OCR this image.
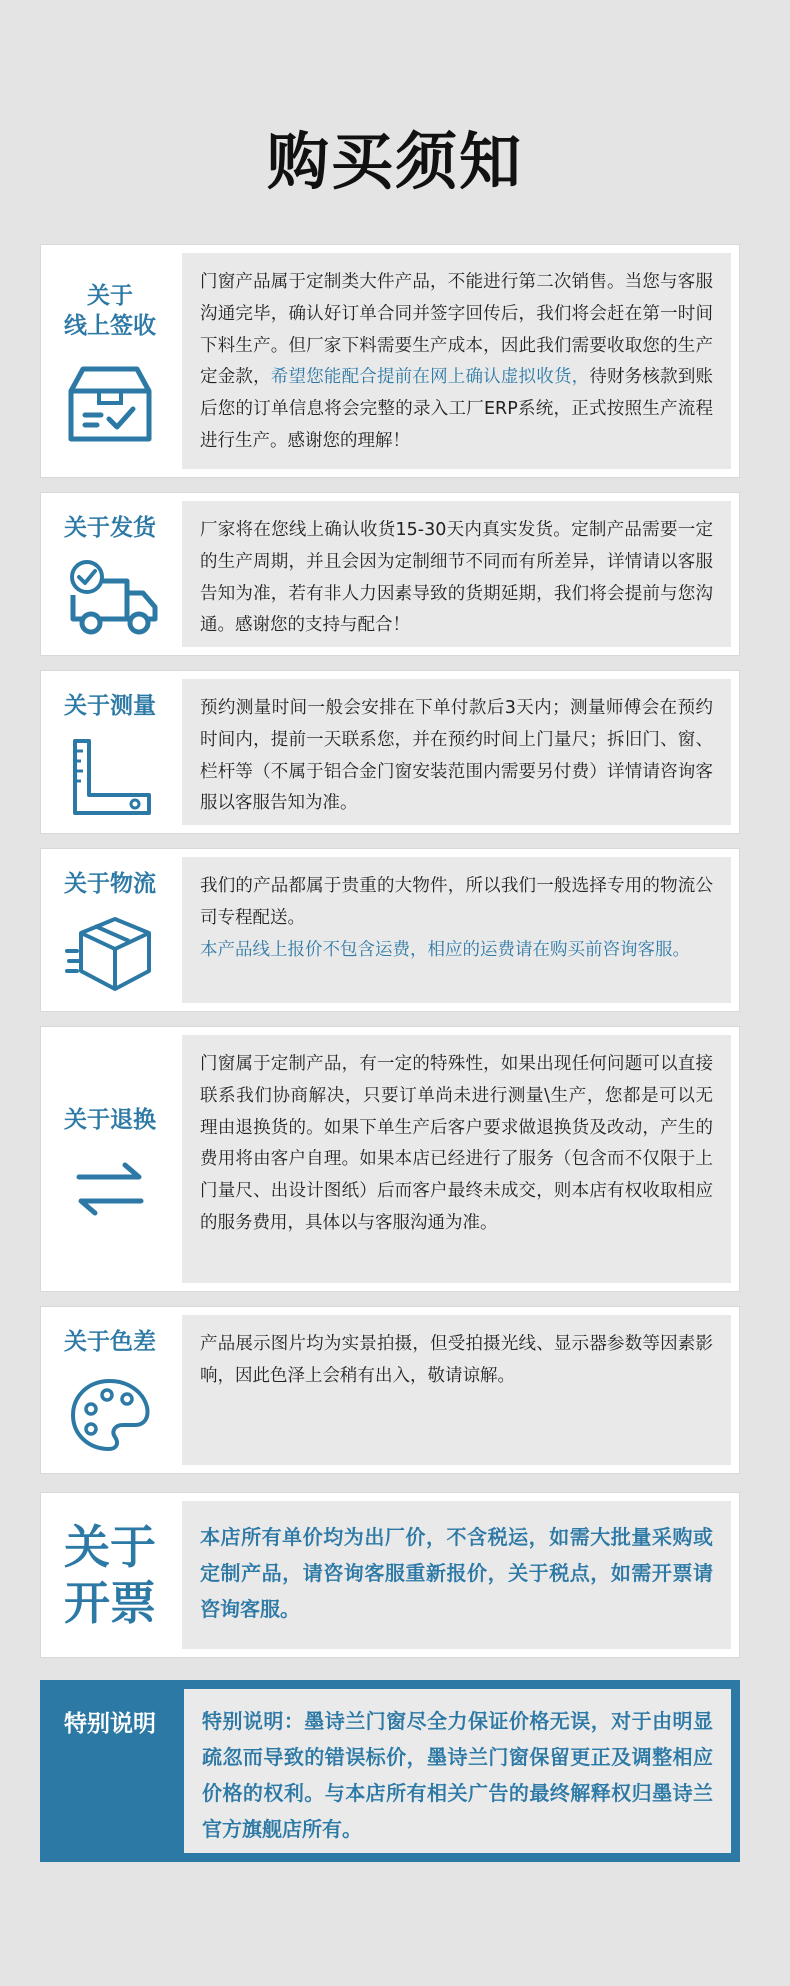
购买须知
关于
线上签收
门窗产品属于定制类大件产品，不能进行第二次销售。当您与客服沟通完毕，确认好订单合同并签字回传后，我们将会赶在第一时间下料生产。但厂家下料需要生产成本，因此我们需要收取您的生产定金款，希望您能配合提前在网上确认虚拟收货，待财务核款到账后您的订单信息将会完整的录入工厂ERP系统，正式按照生产流程进行生产。感谢您的理解！
关于发货	厂家将在您线上确认收货15-30天内真实发货。定制产品需要一定的生产周期，并且会因为定制细节不同而有所差异，详情请以客服告知为准，若有非人力因素导致的货期延期，我们将会提前与您沟通。感谢您的支持与配合！
关于测量	预约测量时间一般会安排在下单付款后3天内；测量师傅会在预约时间内，提前一天联系您，并在预约时间上门量尺；拆旧门、窗、栏杆等（不属于铝合金门窗安装范围内需要另付费）详情请咨询客服以客服告知为准。
关于物流	我们的产品都属于贵重的大物件，所以我们一般选择专用的物流公司专程配送。
本产品线上报价不包含运费，相应的运费请在购买前咨询客服。
关于退换
门窗属于定制产品，有一定的特殊性，如果出现任何问题可以直接联系我们协商解决，只要订单尚未进行测量\生产，您都是可以无理由退换货的。如果下单生产后客户要求做退换货及改动，产生的费用将由客户自理。如果本店已经进行了服务（包含而不仅限于上门量尺、出设计图纸）后而客户最终未成交，则本店有权收取相应的服务费用，具体以与客服沟通为准。
关于色差	产品展示图片均为实景拍摄，但受拍摄光线、显示器参数等因素影响，因此色泽上会稍有出入，敬请谅解。
关于
开票
本店所有单价均为出厂价，不含税运，如需大批量采购或定制产品，请咨询客服重新报价，关于税点，如需开票请咨询客服。
特别说明	特别说明：墨诗兰门窗尽全力保证价格无误，对于由明显疏忽而导致的错误标价，墨诗兰门窗保留更正及调整相应价格的权利。与本店所有相关广告的最终解释权归墨诗兰官方旗舰店所有。
